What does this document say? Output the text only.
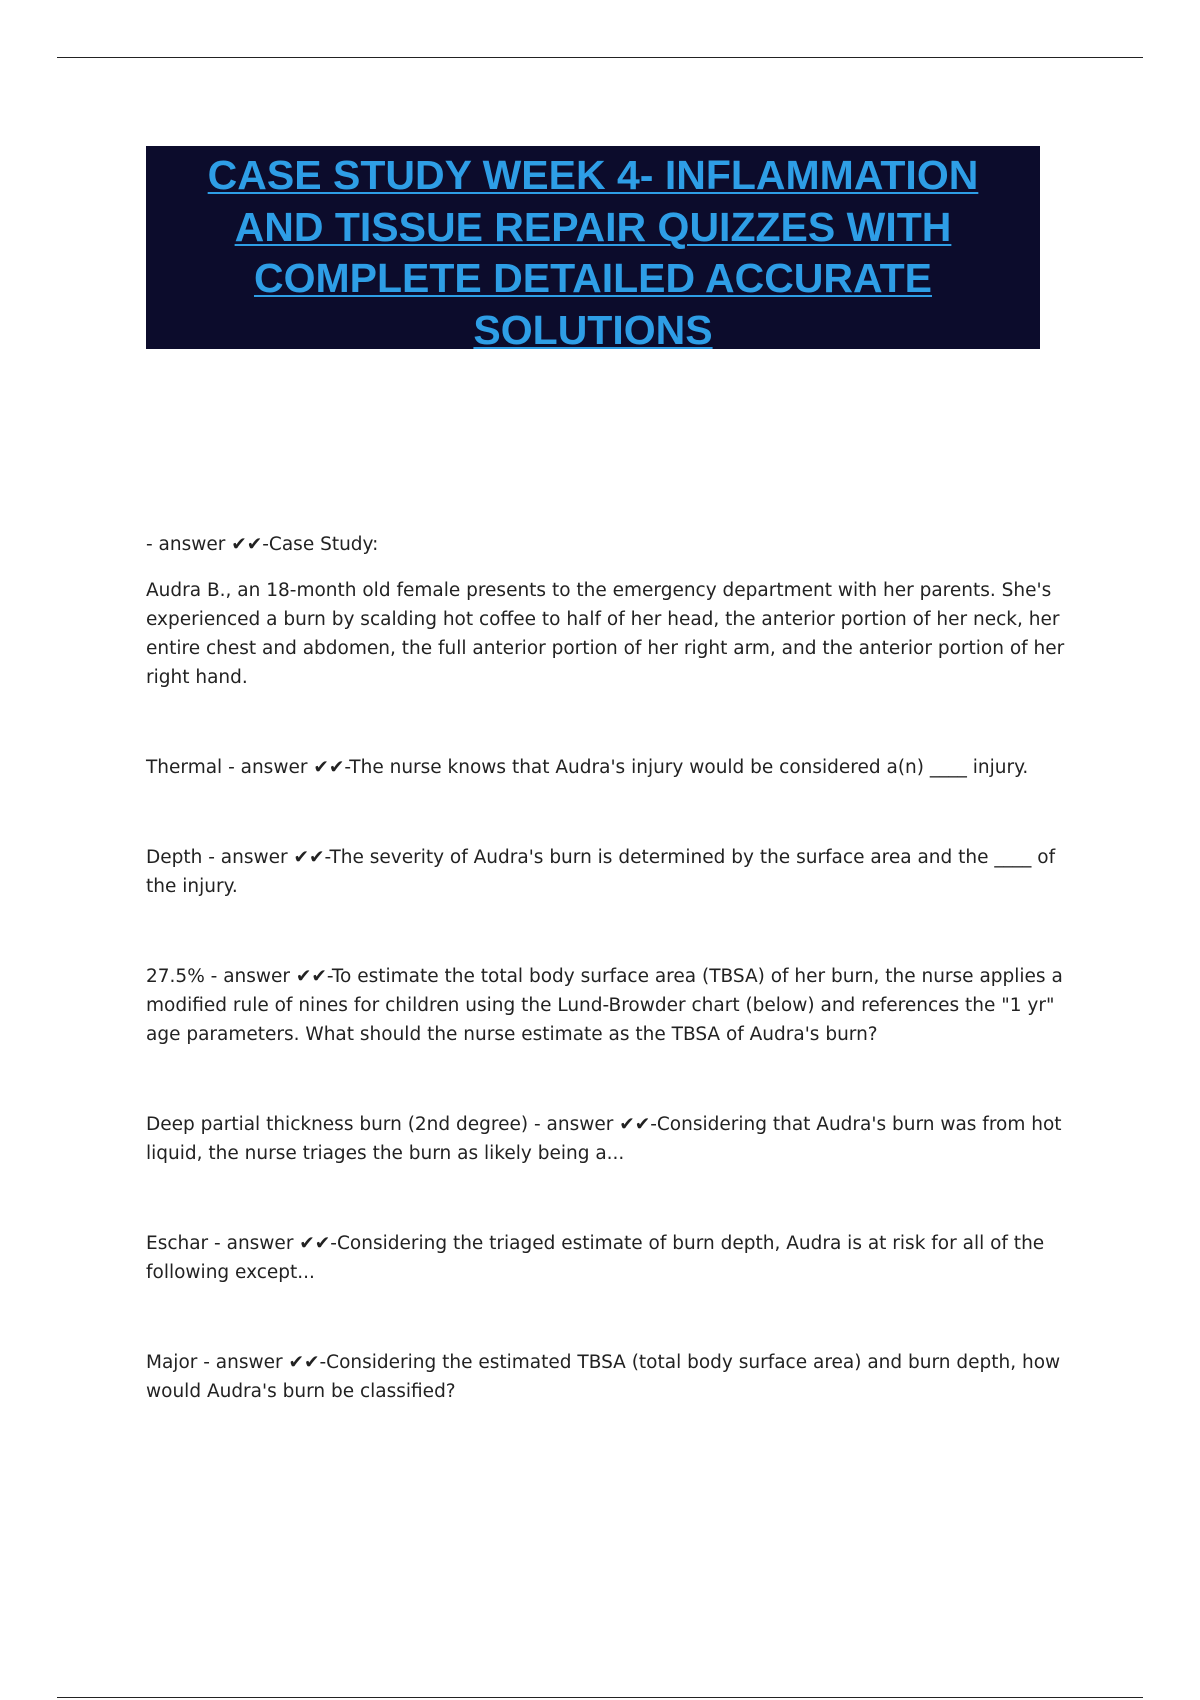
CASE STUDY WEEK 4- INFLAMMATION AND TISSUE REPAIR QUIZZES WITH COMPLETE DETAILED ACCURATE SOLUTIONS

- answer ✔✔-Case Study:

Audra B., an 18-month old female presents to the emergency department with her parents. She's experienced a burn by scalding hot coffee to half of her head, the anterior portion of her neck, her entire chest and abdomen, the full anterior portion of her right arm, and the anterior portion of her right hand.

Thermal - answer ✔✔-The nurse knows that Audra's injury would be considered a(n) ____ injury.

Depth - answer ✔✔-The severity of Audra's burn is determined by the surface area and the ____ of the injury.

27.5% - answer ✔✔-To estimate the total body surface area (TBSA) of her burn, the nurse applies a modified rule of nines for children using the Lund-Browder chart (below) and references the "1 yr" age parameters. What should the nurse estimate as the TBSA of Audra's burn?

Deep partial thickness burn (2nd degree) - answer ✔✔-Considering that Audra's burn was from hot liquid, the nurse triages the burn as likely being a...

Eschar - answer ✔✔-Considering the triaged estimate of burn depth, Audra is at risk for all of the following except...

Major - answer ✔✔-Considering the estimated TBSA (total body surface area) and burn depth, how would Audra's burn be classified?
